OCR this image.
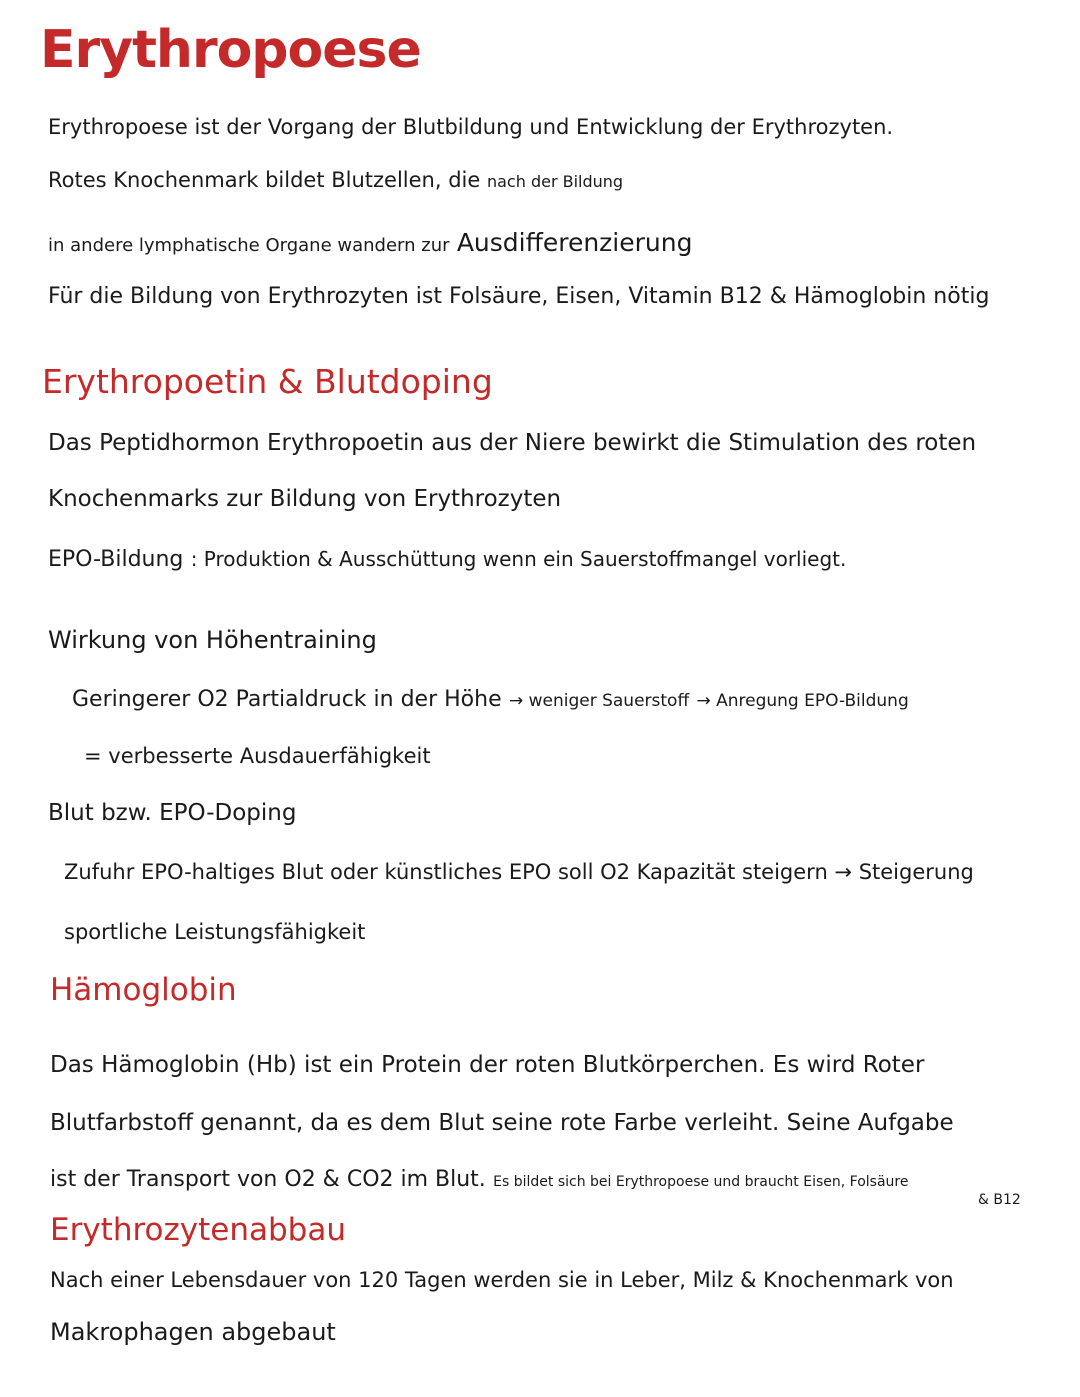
Erythropoese
Erythropoese ist der Vorgang der Blutbildung und Entwicklung der Erythrozyten.
Rotes Knochenmark bildet Blutzellen, die nach der Bildung
in andere lymphatische Organe wandern zur Ausdifferenzierung
Für die Bildung von Erythrozyten ist Folsäure, Eisen, Vitamin B12 & Hämoglobin nötig
Erythropoetin & Blutdoping
Das Peptidhormon Erythropoetin aus der Niere bewirkt die Stimulation des roten
Knochenmarks zur Bildung von Erythrozyten
EPO-Bildung : Produktion & Ausschüttung wenn ein Sauerstoffmangel vorliegt.
Wirkung von Höhentraining
Geringerer O2 Partialdruck in der Höhe → weniger Sauerstoff → Anregung EPO-Bildung
= verbesserte Ausdauerfähigkeit
Blut bzw. EPO-Doping
Zufuhr EPO-haltiges Blut oder künstliches EPO soll O2 Kapazität steigern → Steigerung
sportliche Leistungsfähigkeit
Hämoglobin
Das Hämoglobin (Hb) ist ein Protein der roten Blutkörperchen. Es wird Roter
Blutfarbstoff genannt, da es dem Blut seine rote Farbe verleiht. Seine Aufgabe
ist der Transport von O2 & CO2 im Blut. Es bildet sich bei Erythropoese und braucht Eisen, Folsäure
& B12
Erythrozytenabbau
Nach einer Lebensdauer von 120 Tagen werden sie in Leber, Milz & Knochenmark von
Makrophagen abgebaut
